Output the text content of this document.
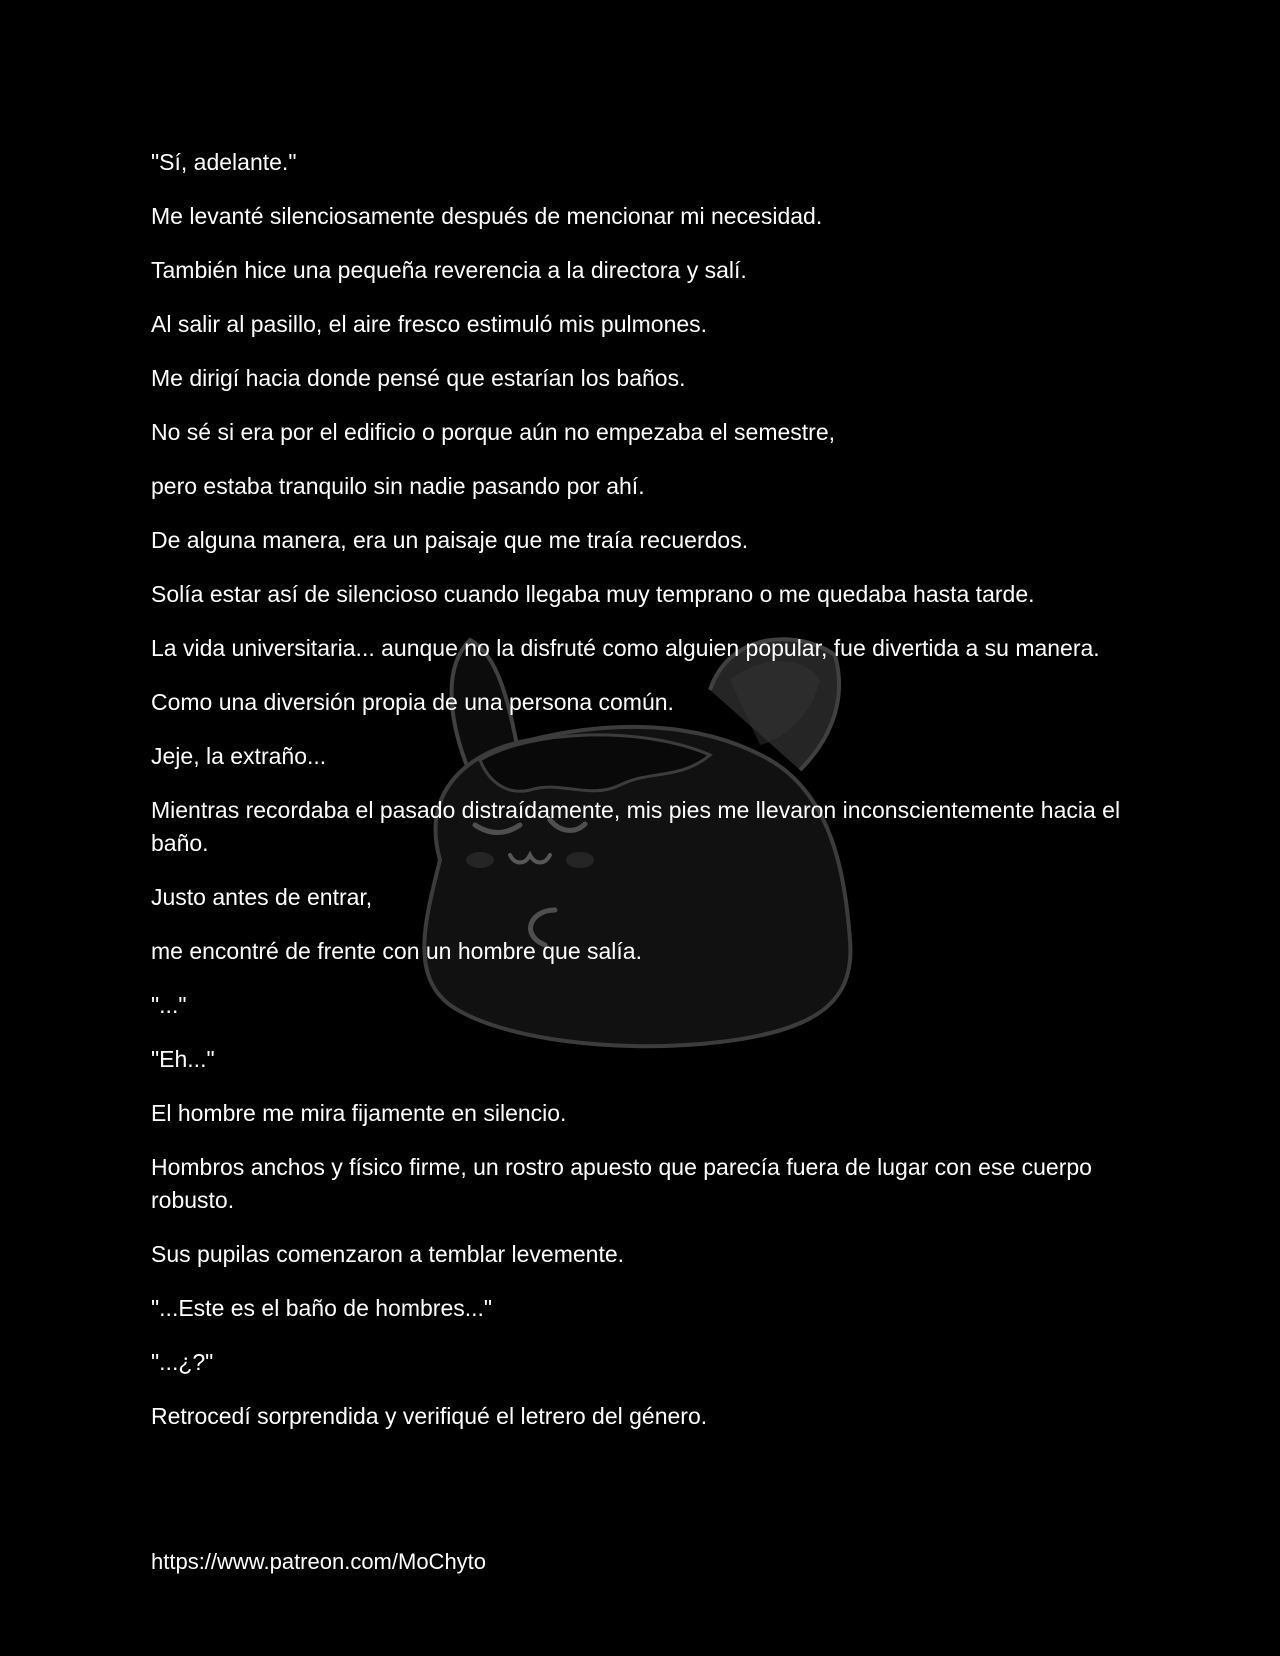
"Sí, adelante."

Me levanté silenciosamente después de mencionar mi necesidad.

También hice una pequeña reverencia a la directora y salí.

Al salir al pasillo, el aire fresco estimuló mis pulmones.

Me dirigí hacia donde pensé que estarían los baños.

No sé si era por el edificio o porque aún no empezaba el semestre,

pero estaba tranquilo sin nadie pasando por ahí.

De alguna manera, era un paisaje que me traía recuerdos.

Solía estar así de silencioso cuando llegaba muy temprano o me quedaba hasta tarde.

La vida universitaria... aunque no la disfruté como alguien popular, fue divertida a su manera.

Como una diversión propia de una persona común.

Jeje, la extraño...

Mientras recordaba el pasado distraídamente, mis pies me llevaron inconscientemente hacia el baño.

Justo antes de entrar,

me encontré de frente con un hombre que salía.

"..."

"Eh..."

El hombre me mira fijamente en silencio.

Hombros anchos y físico firme, un rostro apuesto que parecía fuera de lugar con ese cuerpo robusto.

Sus pupilas comenzaron a temblar levemente.

"...Este es el baño de hombres..."

"...¿?"

Retrocedí sorprendida y verifiqué el letrero del género.

https://www.patreon.com/MoChyto
